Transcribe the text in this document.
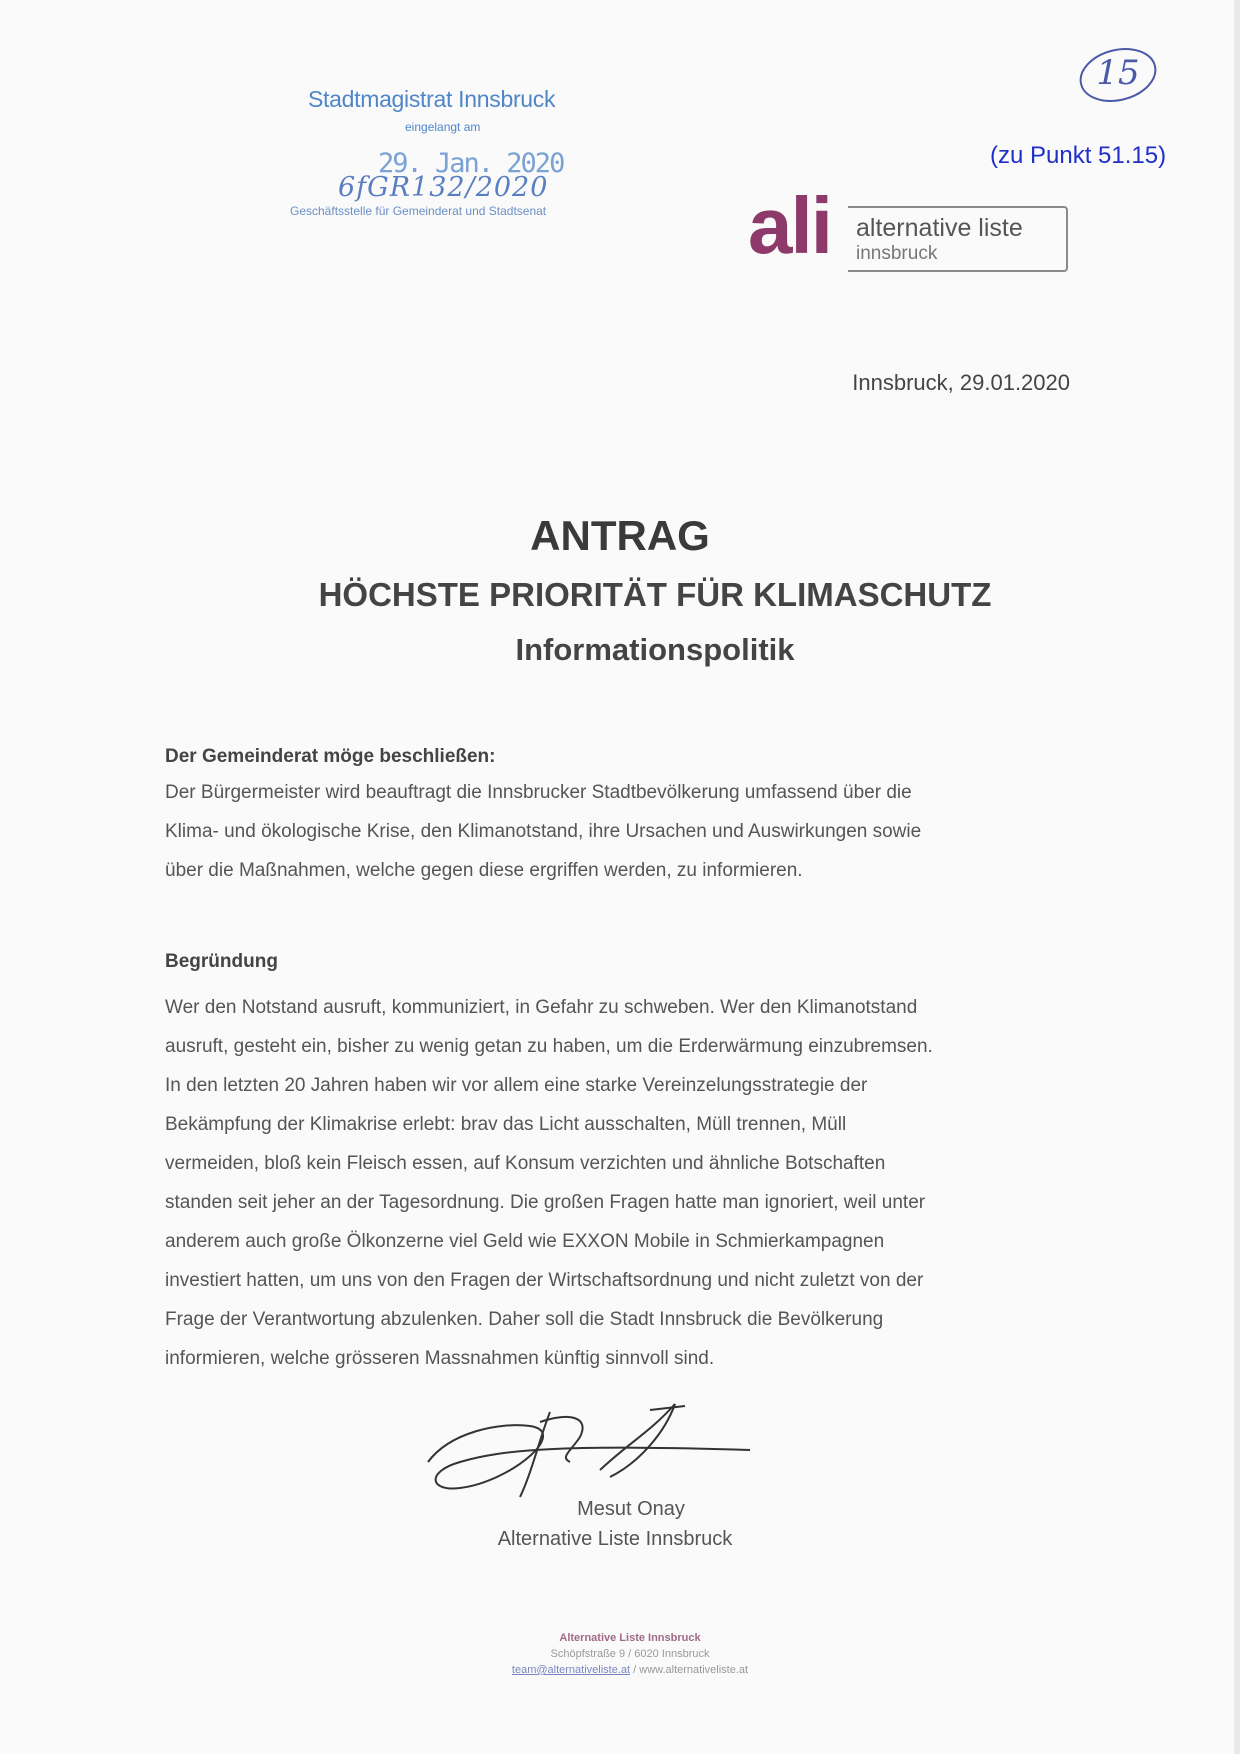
Stadtmagistrat Innsbruck
eingelangt am
29. Jan. 2020
6fGR132/2020
Geschäftsstelle für Gemeinderat und Stadtsenat
15
(zu Punkt 51.15)
ali alternative liste
innsbruck
Innsbruck, 29.01.2020
ANTRAG
HÖCHSTE PRIORITÄT FÜR KLIMASCHUTZ
Informationspolitik
Der Gemeinderat möge beschließen:
Der Bürgermeister wird beauftragt die Innsbrucker Stadtbevölkerung umfassend über die
Klima- und ökologische Krise, den Klimanotstand, ihre Ursachen und Auswirkungen sowie
über die Maßnahmen, welche gegen diese ergriffen werden, zu informieren.
Begründung
Wer den Notstand ausruft, kommuniziert, in Gefahr zu schweben. Wer den Klimanotstand
ausruft, gesteht ein, bisher zu wenig getan zu haben, um die Erderwärmung einzubremsen.
In den letzten 20 Jahren haben wir vor allem eine starke Vereinzelungsstrategie der
Bekämpfung der Klimakrise erlebt: brav das Licht ausschalten, Müll trennen, Müll
vermeiden, bloß kein Fleisch essen, auf Konsum verzichten und ähnliche Botschaften
standen seit jeher an der Tagesordnung. Die großen Fragen hatte man ignoriert, weil unter
anderem auch große Ölkonzerne viel Geld wie EXXON Mobile in Schmierkampagnen
investiert hatten, um uns von den Fragen der Wirtschaftsordnung und nicht zuletzt von der
Frage der Verantwortung abzulenken. Daher soll die Stadt Innsbruck die Bevölkerung
informieren, welche grösseren Massnahmen künftig sinnvoll sind.
Mesut Onay
Alternative Liste Innsbruck
Alternative Liste Innsbruck
Schöpfstraße 9 / 6020 Innsbruck
team@alternativeliste.at / www.alternativeliste.at
